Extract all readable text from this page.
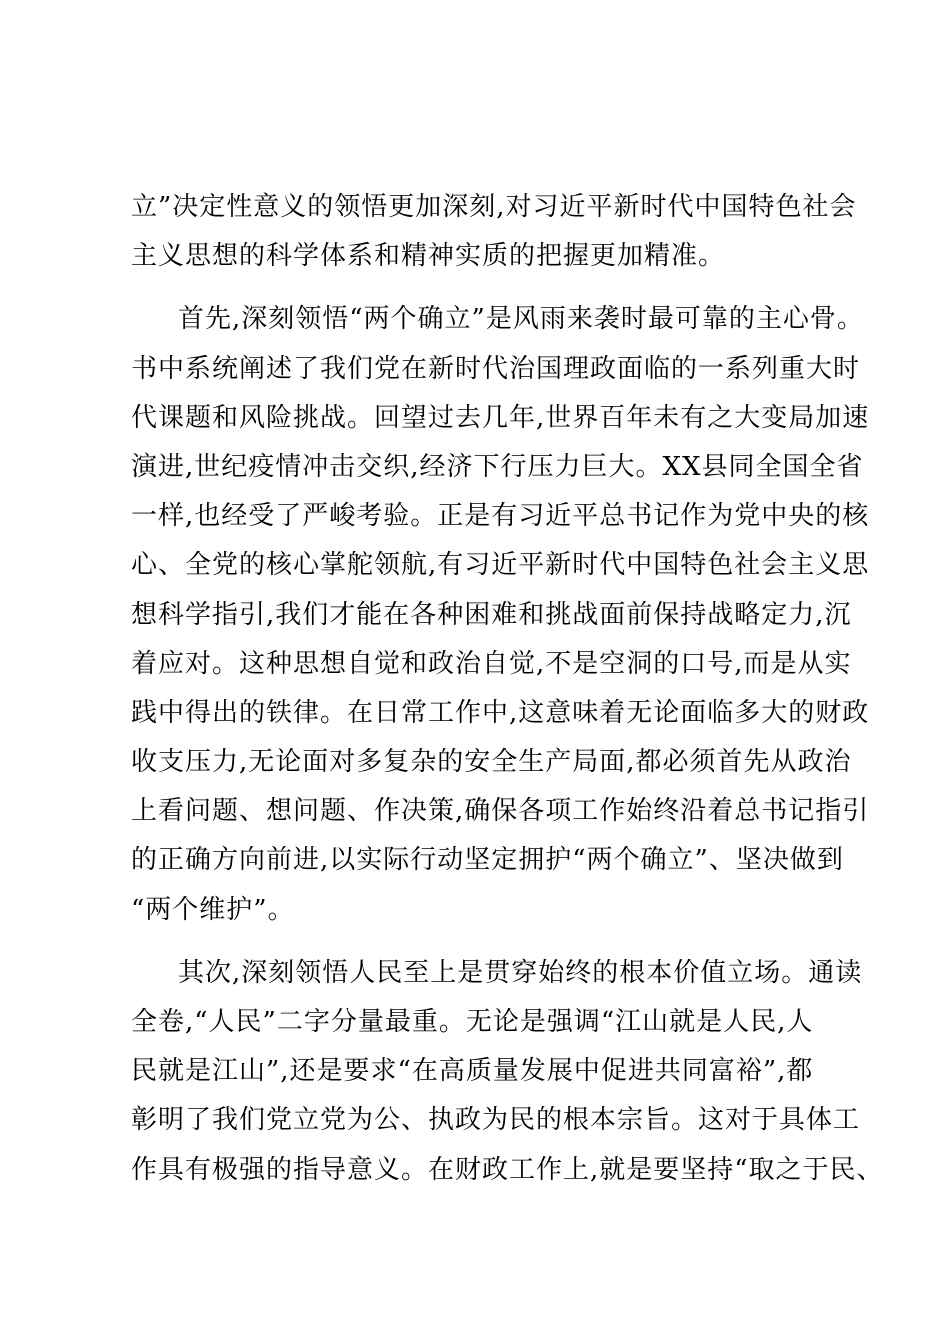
立”决定性意义的领悟更加深刻,对习近平新时代中国特色社会
主义思想的科学体系和精神实质的把握更加精准。
首先,深刻领悟“两个确立”是风雨来袭时最可靠的主心骨。
书中系统阐述了我们党在新时代治国理政面临的一系列重大时
代课题和风险挑战。回望过去几年,世界百年未有之大变局加速
演进,世纪疫情冲击交织,经济下行压力巨大。XX县同全国全省
一样,也经受了严峻考验。正是有习近平总书记作为党中央的核
心、全党的核心掌舵领航,有习近平新时代中国特色社会主义思
想科学指引,我们才能在各种困难和挑战面前保持战略定力,沉
着应对。这种思想自觉和政治自觉,不是空洞的口号,而是从实
践中得出的铁律。在日常工作中,这意味着无论面临多大的财政
收支压力,无论面对多复杂的安全生产局面,都必须首先从政治
上看问题、想问题、作决策,确保各项工作始终沿着总书记指引
的正确方向前进,以实际行动坚定拥护“两个确立”、坚决做到
“两个维护”。
其次,深刻领悟人民至上是贯穿始终的根本价值立场。通读
全卷,“人民”二字分量最重。无论是强调“江山就是人民,人
民就是江山”,还是要求“在高质量发展中促进共同富裕”,都
彰明了我们党立党为公、执政为民的根本宗旨。这对于具体工
作具有极强的指导意义。在财政工作上,就是要坚持“取之于民、
